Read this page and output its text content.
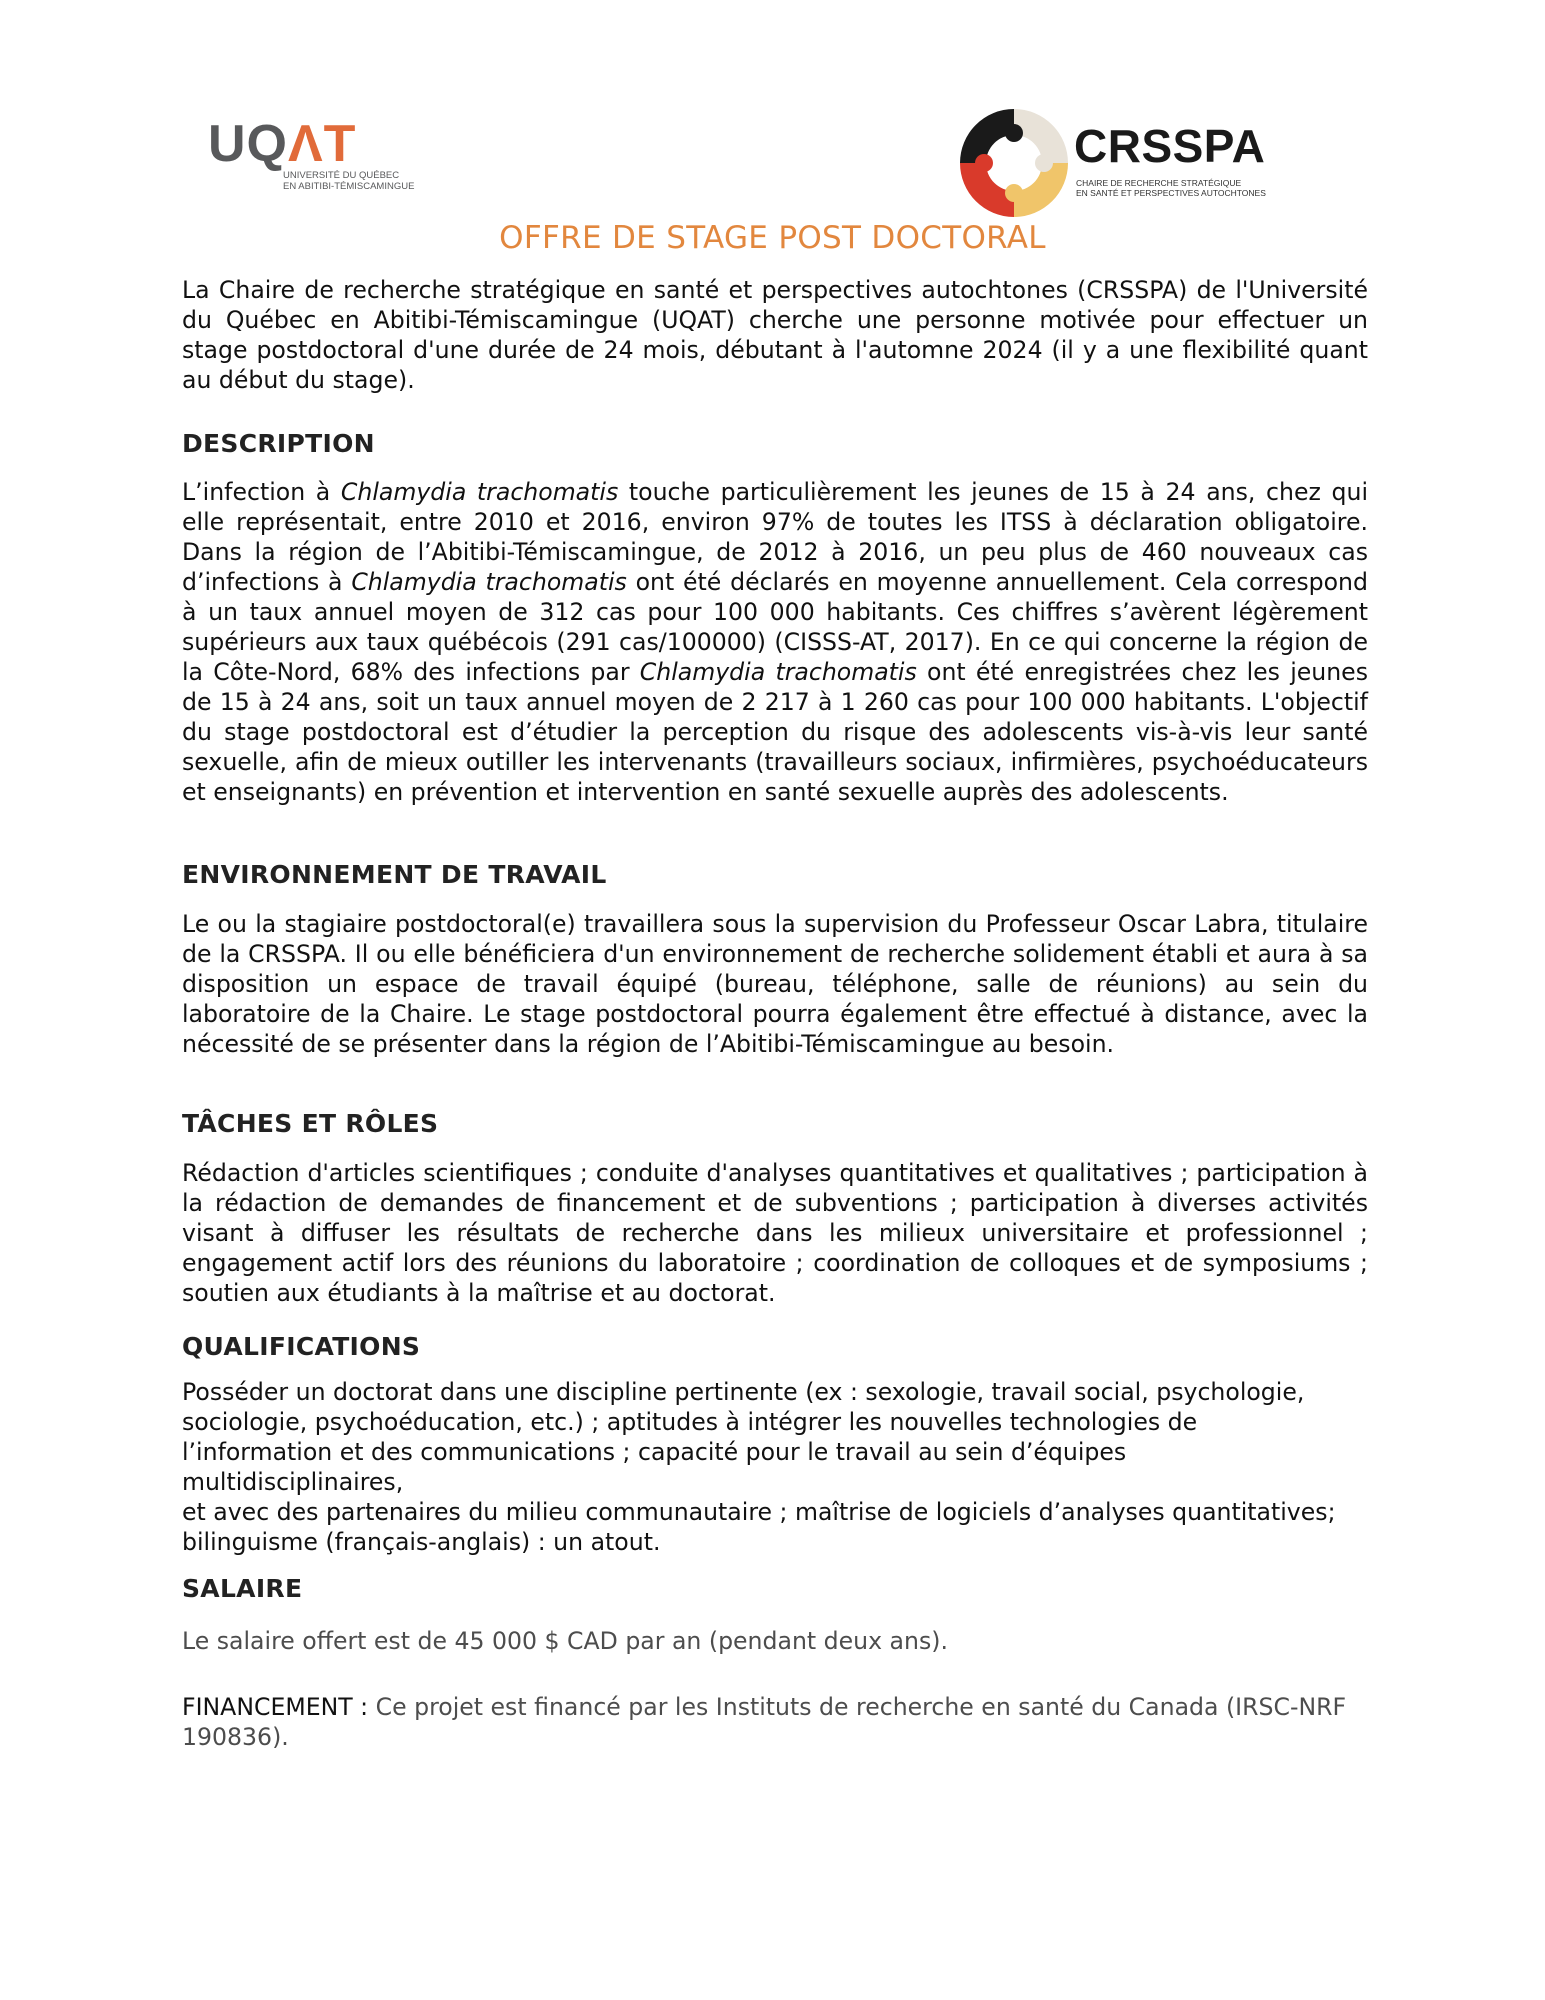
UQΛT
UNIVERSITÉ DU QUÉBEC
EN ABITIBI-TÉMISCAMINGUE
CRSSPA
CHAIRE DE RECHERCHE STRATÉGIQUE
EN SANTÉ ET PERSPECTIVES AUTOCHTONES
OFFRE DE STAGE POST DOCTORAL

La Chaire de recherche stratégique en santé et perspectives autochtones (CRSSPA) de l'Université du Québec en Abitibi-Témiscamingue (UQAT) cherche une personne motivée pour effectuer un stage postdoctoral d'une durée de 24 mois, débutant à l'automne 2024 (il y a une flexibilité quant au début du stage).

DESCRIPTION

L’infection à Chlamydia trachomatis touche particulièrement les jeunes de 15 à 24 ans, chez qui elle représentait, entre 2010 et 2016, environ 97% de toutes les ITSS à déclaration obligatoire. Dans la région de l’Abitibi-Témiscamingue, de 2012 à 2016, un peu plus de 460 nouveaux cas d’infections à Chlamydia trachomatis ont été déclarés en moyenne annuellement. Cela correspond à un taux annuel moyen de 312 cas pour 100 000 habitants. Ces chiffres s’avèrent légèrement supérieurs aux taux québécois (291 cas/100000) (CISSS-AT, 2017). En ce qui concerne la région de la Côte-Nord, 68% des infections par Chlamydia trachomatis ont été enregistrées chez les jeunes de 15 à 24 ans, soit un taux annuel moyen de 2 217 à 1 260 cas pour 100 000 habitants. L'objectif du stage postdoctoral est d’étudier la perception du risque des adolescents vis-à-vis leur santé sexuelle, afin de mieux outiller les intervenants (travailleurs sociaux, infirmières, psychoéducateurs et enseignants) en prévention et intervention en santé sexuelle auprès des adolescents.

ENVIRONNEMENT DE TRAVAIL

Le ou la stagiaire postdoctoral(e) travaillera sous la supervision du Professeur Oscar Labra, titulaire de la CRSSPA. Il ou elle bénéficiera d'un environnement de recherche solidement établi et aura à sa disposition un espace de travail équipé (bureau, téléphone, salle de réunions) au sein du laboratoire de la Chaire. Le stage postdoctoral pourra également être effectué à distance, avec la nécessité de se présenter dans la région de l’Abitibi-Témiscamingue au besoin.

TÂCHES ET RÔLES

Rédaction d'articles scientifiques ; conduite d'analyses quantitatives et qualitatives ; participation à la rédaction de demandes de financement et de subventions ; participation à diverses activités visant à diffuser les résultats de recherche dans les milieux universitaire et professionnel ; engagement actif lors des réunions du laboratoire ; coordination de colloques et de symposiums ; soutien aux étudiants à la maîtrise et au doctorat.

QUALIFICATIONS

Posséder un doctorat dans une discipline pertinente (ex : sexologie, travail social, psychologie,
sociologie, psychoéducation, etc.) ; aptitudes à intégrer les nouvelles technologies de
l’information et des communications ; capacité pour le travail au sein d’équipes
multidisciplinaires,
et avec des partenaires du milieu communautaire ; maîtrise de logiciels d’analyses quantitatives;
bilinguisme (français-anglais) : un atout.

SALAIRE

Le salaire offert est de 45 000 $ CAD par an (pendant deux ans).

FINANCEMENT : Ce projet est financé par les Instituts de recherche en santé du Canada (IRSC-NRF 190836).
